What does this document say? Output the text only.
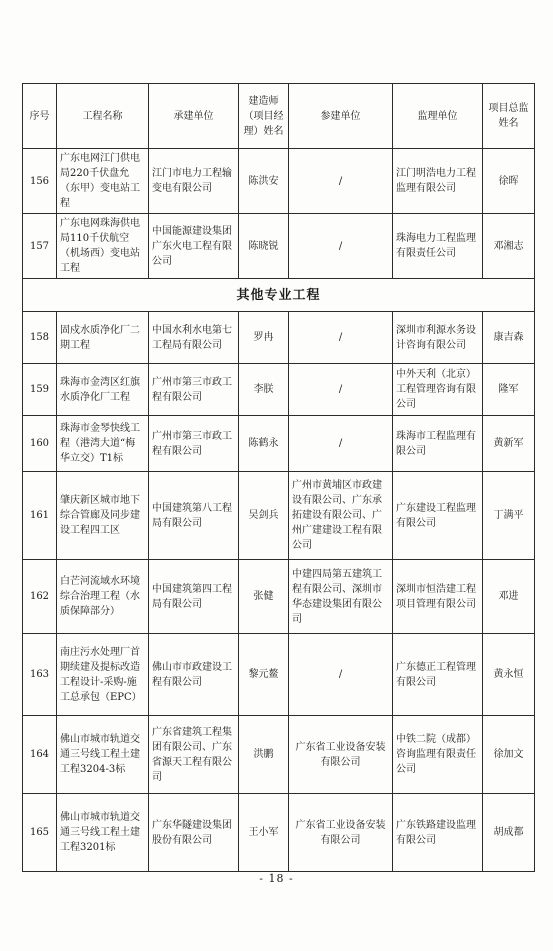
序号	工程名称	承建单位	建造师（项目经理）姓名	参建单位	监理单位	项目总监姓名
156	广东电网江门供电局220千伏盘允（东甲）变电站工程	江门市电力工程输变电有限公司	陈洪安	/	江门明浩电力工程监理有限公司	徐晖
157	广东电网珠海供电局110千伏航空（机场西）变电站工程	中国能源建设集团广东火电工程有限公司	陈晓锐	/	珠海电力工程监理有限责任公司	邓湘志
其他专业工程						
158	固戍水质净化厂二期工程	中国水利水电第七工程局有限公司	罗冉	/	深圳市利源水务设计咨询有限公司	康吉森
159	珠海市金湾区红旗水质净化厂工程	广州市第三市政工程有限公司	李朕	/	中外天利（北京）工程管理咨询有限公司	隆军
160	珠海市金琴快线工程（港湾大道“梅华立交）T1标	广州市第三市政工程有限公司	陈鹤永	/	珠海市工程监理有限公司	黄新军
161	肇庆新区城市地下综合管廊及同步建设工程四工区	中国建筑第八工程局有限公司	吴剑兵	广州市黄埔区市政建设有限公司、广东承拓建设有限公司、广州广建建设工程有限公司	广东建设工程监理有限公司	丁满平
162	白芒河流域水环境综合治理工程（水质保障部分）	中国建筑第四工程局有限公司	张健	中建四局第五建筑工程有限公司、深圳市华态建设集团有限公司	深圳市恒浩建工程项目管理有限公司	邓进
163	南庄污水处理厂首期续建及提标改造工程设计-采购-施工总承包（EPC）	佛山市市政建设工程有限公司	黎元鳌	/	广东德正工程管理有限公司	黄永恒
164	佛山市城市轨道交通三号线工程土建工程3204-3标	广东省建筑工程集团有限公司、广东省源天工程有限公司	洪鹏	广东省工业设备安装有限公司	中铁二院（成都）咨询监理有限责任公司	徐加文
165	佛山市城市轨道交通三号线工程土建工程3201标	广东华隧建设集团股份有限公司	王小军	广东省工业设备安装有限公司	广东铁路建设监理有限公司	胡成都
- 18 -
